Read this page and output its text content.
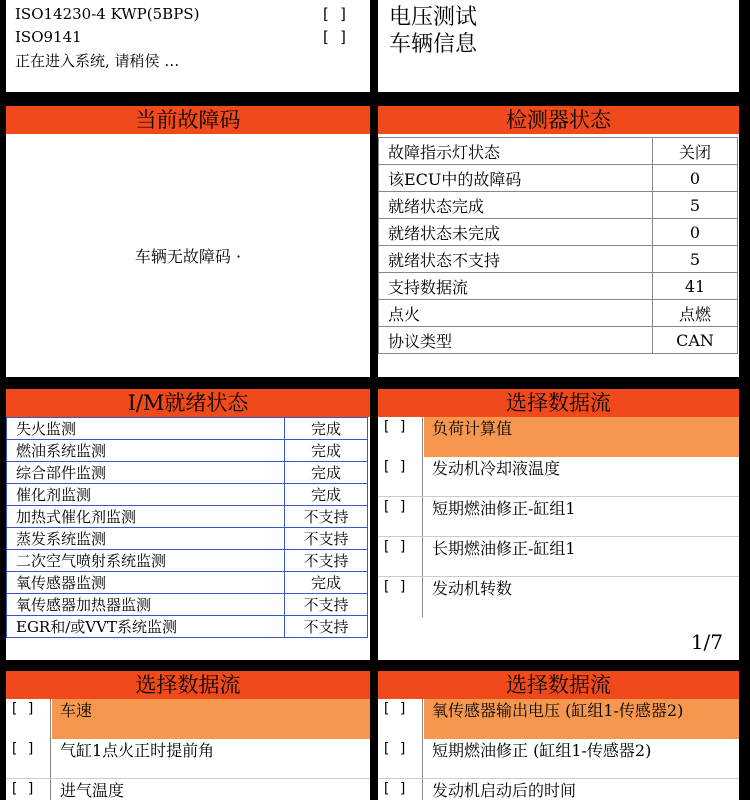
ISO14230-4 KWP(5BPS)	[ ]
ISO9141	[ ]
正在进入系统, 请稍侯 …
电压测试
车辆信息
当前故障码
车辆无故障码 ·
检测器状态
故障指示灯状态	关闭
该ECU中的故障码	0
就绪状态完成	5
就绪状态未完成	0
就绪状态不支持	5
支持数据流	41
点火	点燃
协议类型	CAN
I/M就绪状态
失火监测	完成
燃油系统监测	完成
综合部件监测	完成
催化剂监测	完成
加热式催化剂监测	不支持
蒸发系统监测	不支持
二次空气喷射系统监测	不支持
氧传感器监测	完成
氧传感器加热器监测	不支持
EGR和/或VVT系统监测	不支持
选择数据流
[ ]	负荷计算值
[ ]	发动机冷却液温度
[ ]	短期燃油修正-缸组1
[ ]	长期燃油修正-缸组1
[ ]	发动机转数
1/7
选择数据流
[ ]	车速
[ ]	气缸1点火正时提前角
[ ]	进气温度
选择数据流
[ ]	氧传感器输出电压 (缸组1-传感器2)
[ ]	短期燃油修正 (缸组1-传感器2)
[ ]	发动机启动后的时间
